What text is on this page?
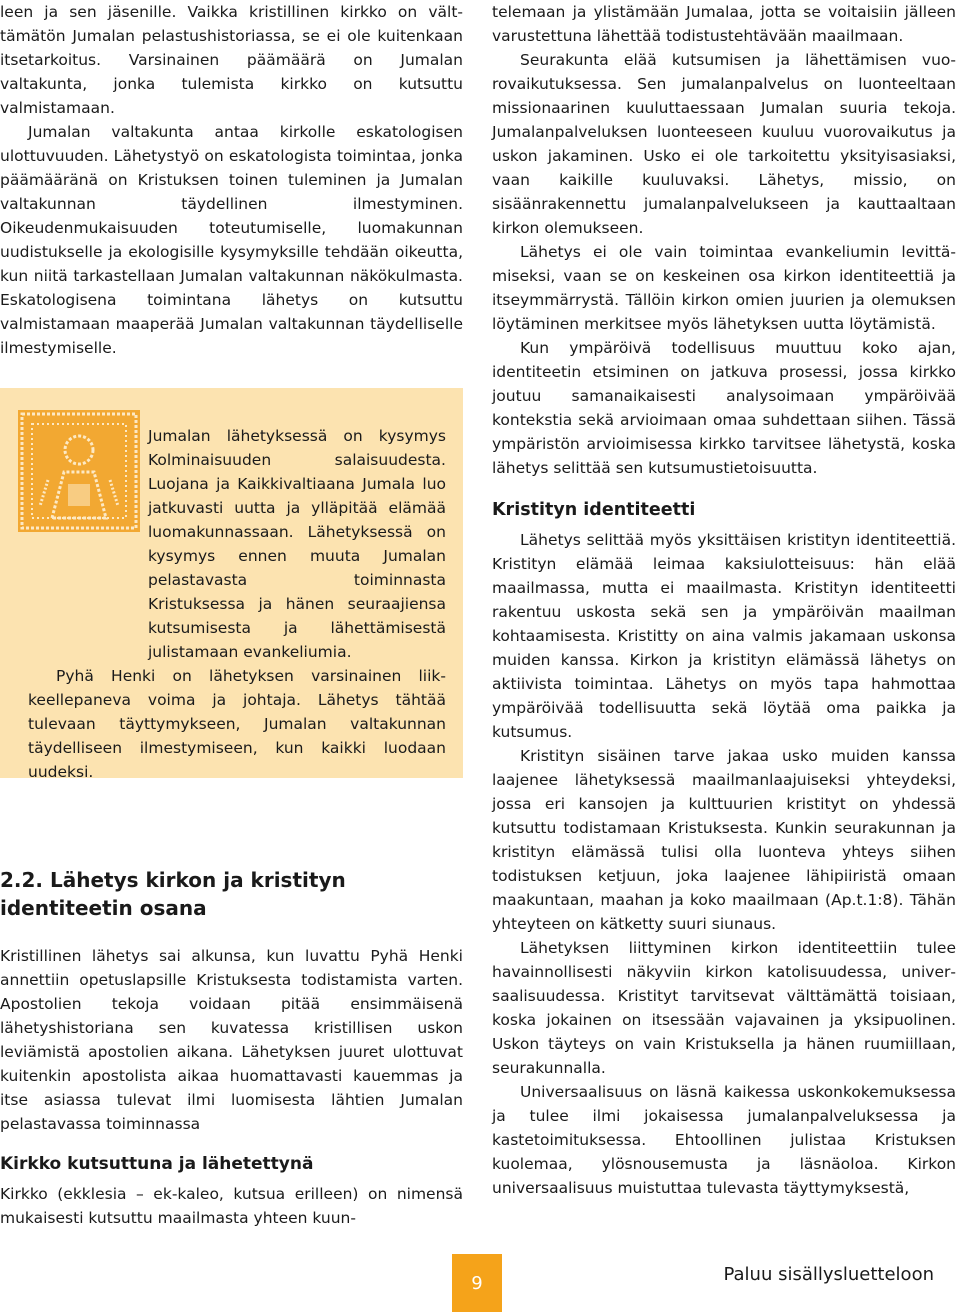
leen ja sen jäsenille. Vaikka kristillinen kirkko on välttämätön Jumalan pelastushistoriassa, se ei ole kuitenkaan itsetarkoitus. Varsinainen päämäärä on Jumalan valtakunta, jonka tulemista kirkko on kutsuttu valmistamaan.

Jumalan valtakunta antaa kirkolle eskatologisen ulottuvuuden. Lähetystyö on eskatologista toimintaa, jonka päämääränä on Kristuksen toinen tuleminen ja Jumalan valtakunnan täydellinen ilmestyminen. Oikeudenmukaisuuden toteutumiselle, luomakunnan uudistukselle ja ekologisille kysymyksille tehdään oikeutta, kun niitä tarkastellaan Jumalan valtakunnan näkökulmasta. Eskatologisena toimintana lähetys on kutsuttu valmistamaan maaperää Jumalan valtakunnan täydelliselle ilmestymiselle.

Jumalan lähetyksessä on kysymys Kolminaisuuden salaisuudesta. Luojana ja Kaikkivaltiaana Jumala luo jatkuvasti uutta ja ylläpitää elämää luomakunnassaan. Lähetyksessä on kysymys ennen muuta Jumalan pelastavasta toiminnasta Kristuksessa ja hänen seuraajiensa kutsumisesta ja lähettämisestä julistamaan evankeliumia.

Pyhä Henki on lähetyksen varsinainen liikkeellepaneva voima ja johtaja. Lähetys tähtää tulevaan täyttymykseen, Jumalan valtakunnan täydelliseen ilmestymiseen, kun kaikki luodaan uudeksi.

2.2. Lähetys kirkon ja kristityn identiteetin osana

Kristillinen lähetys sai alkunsa, kun luvattu Pyhä Henki annettiin opetuslapsille Kristuksesta todistamista varten. Apostolien tekoja voidaan pitää ensimmäisenä lähetyshistoriana sen kuvatessa kristillisen uskon leviämistä apostolien aikana. Lähetyksen juuret ulottuvat kuitenkin apostolista aikaa huomattavasti kauemmas ja itse asiassa tulevat ilmi luomisesta lähtien Jumalan pelastavassa toiminnassa

Kirkko kutsuttuna ja lähetettynä

Kirkko (ekklesia – ek-kaleo, kutsua erilleen) on nimensä mukaisesti kutsuttu maailmasta yhteen kuun-

telemaan ja ylistämään Jumalaa, jotta se voitaisiin jälleen varustettuna lähettää todistustehtävään maailmaan.

Seurakunta elää kutsumisen ja lähettämisen vuorovaikutuksessa. Sen jumalanpalvelus on luonteeltaan missionaarinen kuuluttaessaan Jumalan suuria tekoja. Jumalanpalveluksen luonteeseen kuuluu vuorovaikutus ja uskon jakaminen. Usko ei ole tarkoitettu yksityisasiaksi, vaan kaikille kuuluvaksi. Lähetys, missio, on sisäänrakennettu jumalanpalvelukseen ja kauttaaltaan kirkon olemukseen.

Lähetys ei ole vain toimintaa evankeliumin levittämiseksi, vaan se on keskeinen osa kirkon identiteettiä ja itseymmärrystä. Tällöin kirkon omien juurien ja olemuksen löytäminen merkitsee myös lähetyksen uutta löytämistä.

Kun ympäröivä todellisuus muuttuu koko ajan, identiteetin etsiminen on jatkuva prosessi, jossa kirkko joutuu samanaikaisesti analysoimaan ympäröivää kontekstia sekä arvioimaan omaa suhdettaan siihen. Tässä ympäristön arvioimisessa kirkko tarvitsee lähetystä, koska lähetys selittää sen kutsumustietoisuutta.

Kristityn identiteetti

Lähetys selittää myös yksittäisen kristityn identiteettiä. Kristityn elämää leimaa kaksiulotteisuus: hän elää maailmassa, mutta ei maailmasta. Kristityn identiteetti rakentuu uskosta sekä sen ja ympäröivän maailman kohtaamisesta. Kristitty on aina valmis jakamaan uskonsa muiden kanssa. Kirkon ja kristityn elämässä lähetys on aktiivista toimintaa. Lähetys on myös tapa hahmottaa ympäröivää todellisuutta sekä löytää oma paikka ja kutsumus.

Kristityn sisäinen tarve jakaa usko muiden kanssa laajenee lähetyksessä maailmanlaajuiseksi yhteydeksi, jossa eri kansojen ja kulttuurien kristityt on yhdessä kutsuttu todistamaan Kristuksesta. Kunkin seurakunnan ja kristityn elämässä tulisi olla luonteva yhteys siihen todistuksen ketjuun, joka laajenee lähipiiristä omaan maakuntaan, maahan ja koko maailmaan (Ap.t.1:8). Tähän yhteyteen on kätketty suuri siunaus.

Lähetyksen liittyminen kirkon identiteettiin tulee havainnollisesti näkyviin kirkon katolisuudessa, universaalisuudessa. Kristityt tarvitsevat välttämättä toisiaan, koska jokainen on itsessään vajavainen ja yksipuolinen. Uskon täyteys on vain Kristuksella ja hänen ruumiillaan, seurakunnalla.

Universaalisuus on läsnä kaikessa uskonkokemuksessa ja tulee ilmi jokaisessa jumalanpalveluksessa ja kastetoimituksessa. Ehtoollinen julistaa Kristuksen kuolemaa, ylösnousemusta ja läsnäoloa. Kirkon universaalisuus muistuttaa tulevasta täyttymyksestä,

9	Paluu sisällysluetteloon
